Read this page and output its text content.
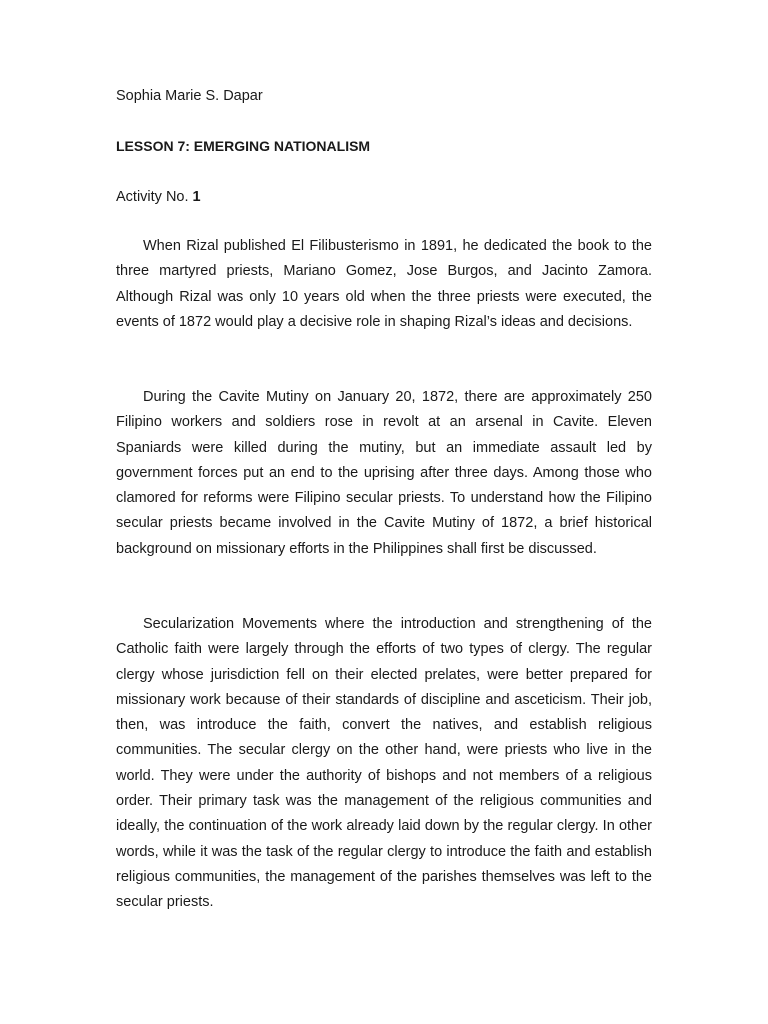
Sophia Marie S. Dapar
LESSON 7: EMERGING NATIONALISM
Activity No. 1

When Rizal published El Filibusterismo in 1891, he dedicated the book to the three martyred priests, Mariano Gomez, Jose Burgos, and Jacinto Zamora. Although Rizal was only 10 years old when the three priests were executed, the events of 1872 would play a decisive role in shaping Rizal’s ideas and decisions.

During the Cavite Mutiny on January 20, 1872, there are approximately 250 Filipino workers and soldiers rose in revolt at an arsenal in Cavite. Eleven Spaniards were killed during the mutiny, but an immediate assault led by government forces put an end to the uprising after three days. Among those who clamored for reforms were Filipino secular priests. To understand how the Filipino secular priests became involved in the Cavite Mutiny of 1872, a brief historical background on missionary efforts in the Philippines shall first be discussed.

Secularization Movements where the introduction and strengthening of the Catholic faith were largely through the efforts of two types of clergy. The regular clergy whose jurisdiction fell on their elected prelates, were better prepared for missionary work because of their standards of discipline and asceticism. Their job, then, was introduce the faith, convert the natives, and establish religious communities. The secular clergy on the other hand, were priests who live in the world. They were under the authority of bishops and not members of a religious order. Their primary task was the management of the religious communities and ideally, the continuation of the work already laid down by the regular clergy. In other words, while it was the task of the regular clergy to introduce the faith and establish religious communities, the management of the parishes themselves was left to the secular priests.
